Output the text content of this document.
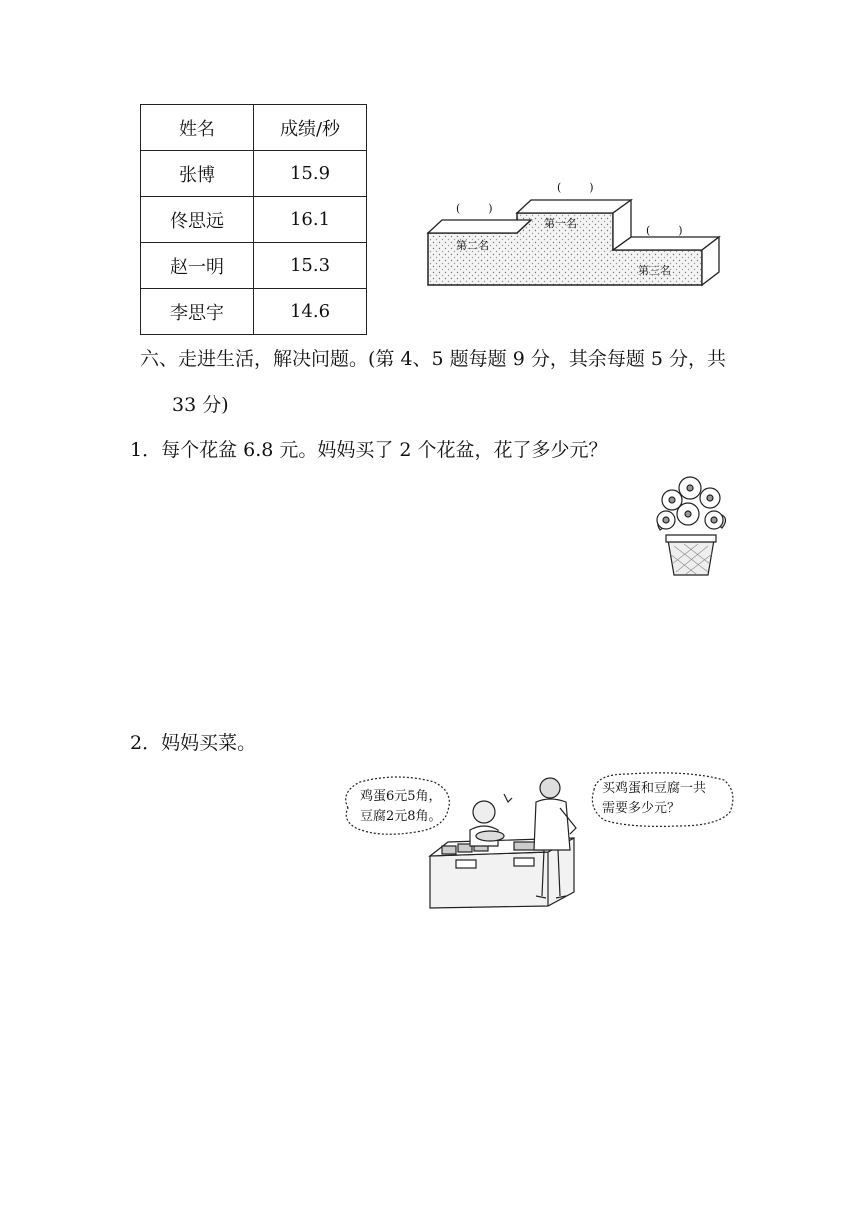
姓名	成绩/秒
张博	15.9
佟思远	16.1
赵一明	15.3
李思宇	14.6
第一名
第二名
第三名
(        )
(        )
(        )
六、走进生活，解决问题。(第 4、5 题每题 9 分，其余每题 5 分，共
33 分)
1．每个花盆 6.8 元。妈妈买了 2 个花盆，花了多少元？
2．妈妈买菜。
鸡蛋6元5角，
豆腐2元8角。
买鸡蛋和豆腐一共
需要多少元？
